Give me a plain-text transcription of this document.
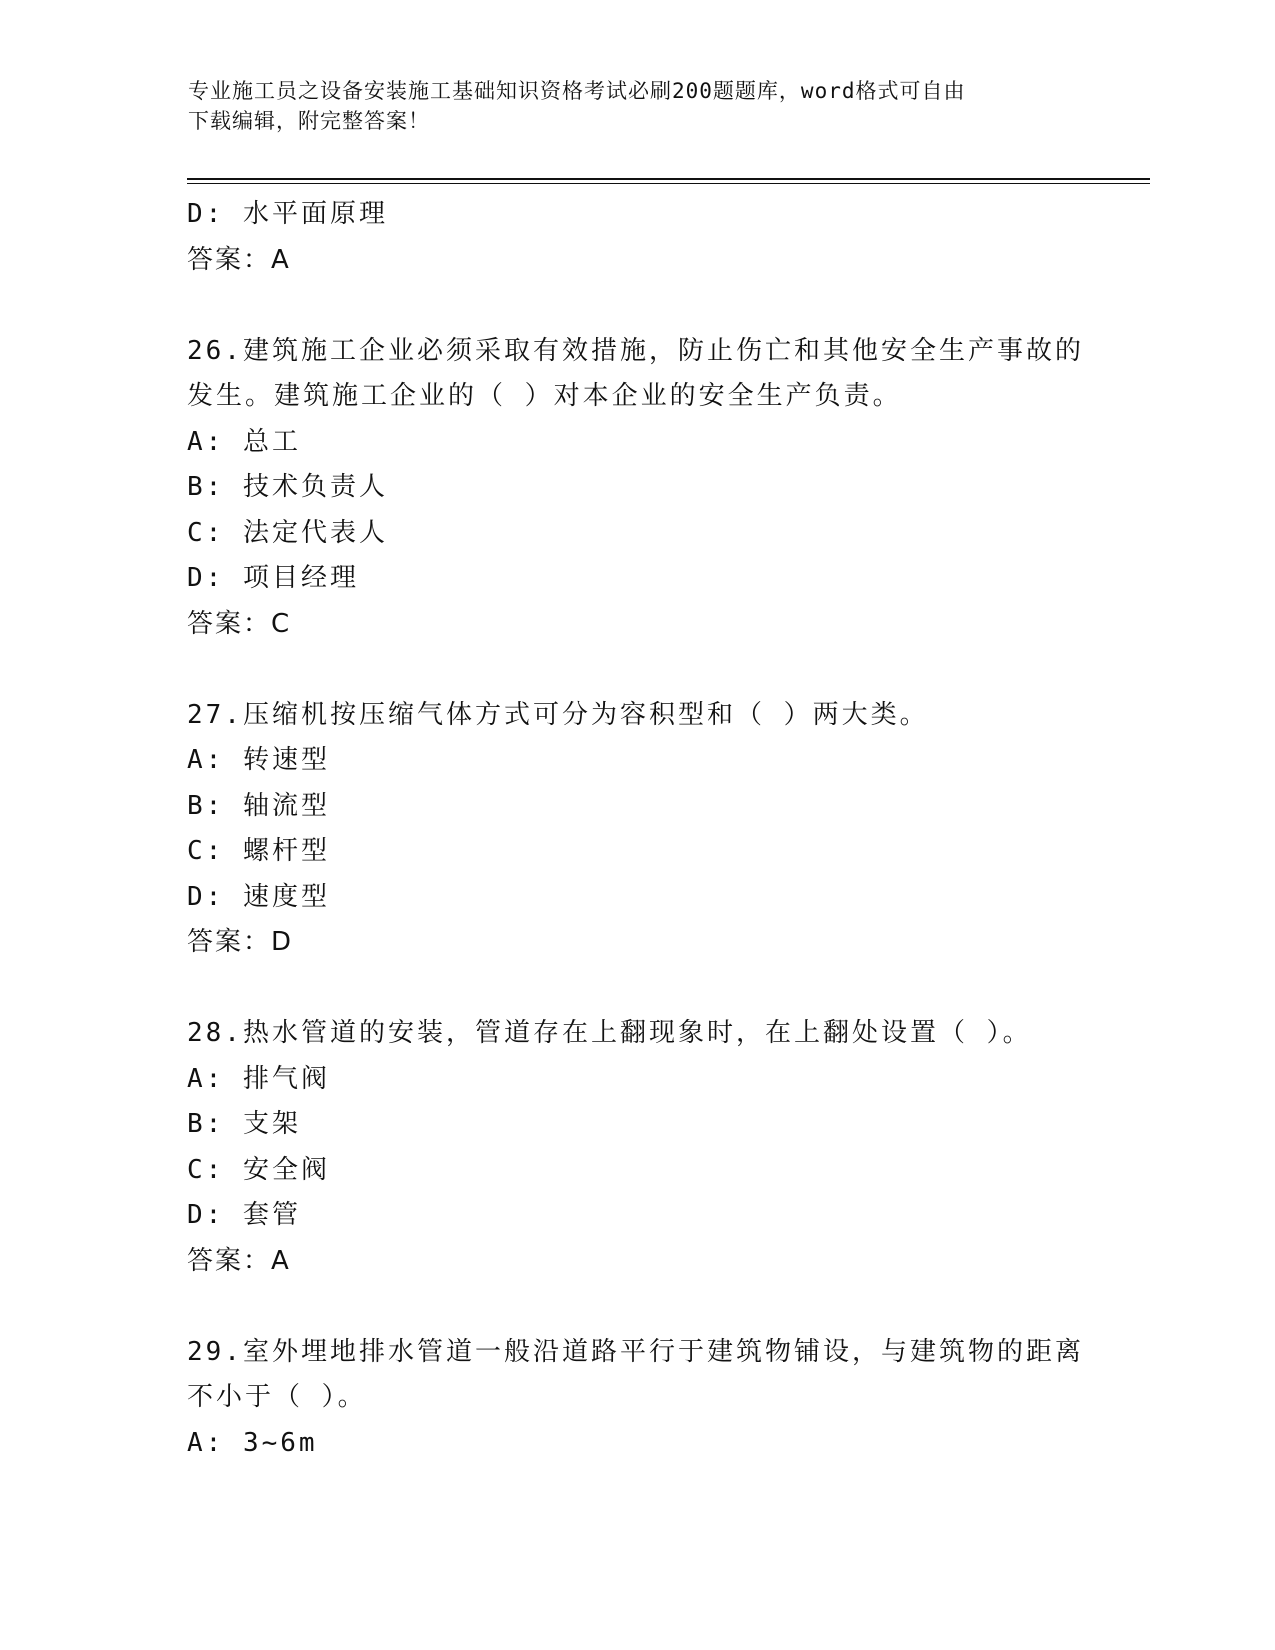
专业施工员之设备安装施工基础知识资格考试必刷200题题库，word格式可自由
下载编辑，附完整答案！
D: 水平面原理
答案：A
26.建筑施工企业必须采取有效措施，防止伤亡和其他安全生产事故的
发生。建筑施工企业的（ ）对本企业的安全生产负责。
A: 总工
B: 技术负责人
C: 法定代表人
D: 项目经理
答案：C
27.压缩机按压缩气体方式可分为容积型和（ ）两大类。
A: 转速型
B: 轴流型
C: 螺杆型
D: 速度型
答案：D
28.热水管道的安装，管道存在上翻现象时，在上翻处设置（ ）。
A: 排气阀
B: 支架
C: 安全阀
D: 套管
答案：A
29.室外埋地排水管道一般沿道路平行于建筑物铺设，与建筑物的距离
不小于（ ）。
A: 3~6m
